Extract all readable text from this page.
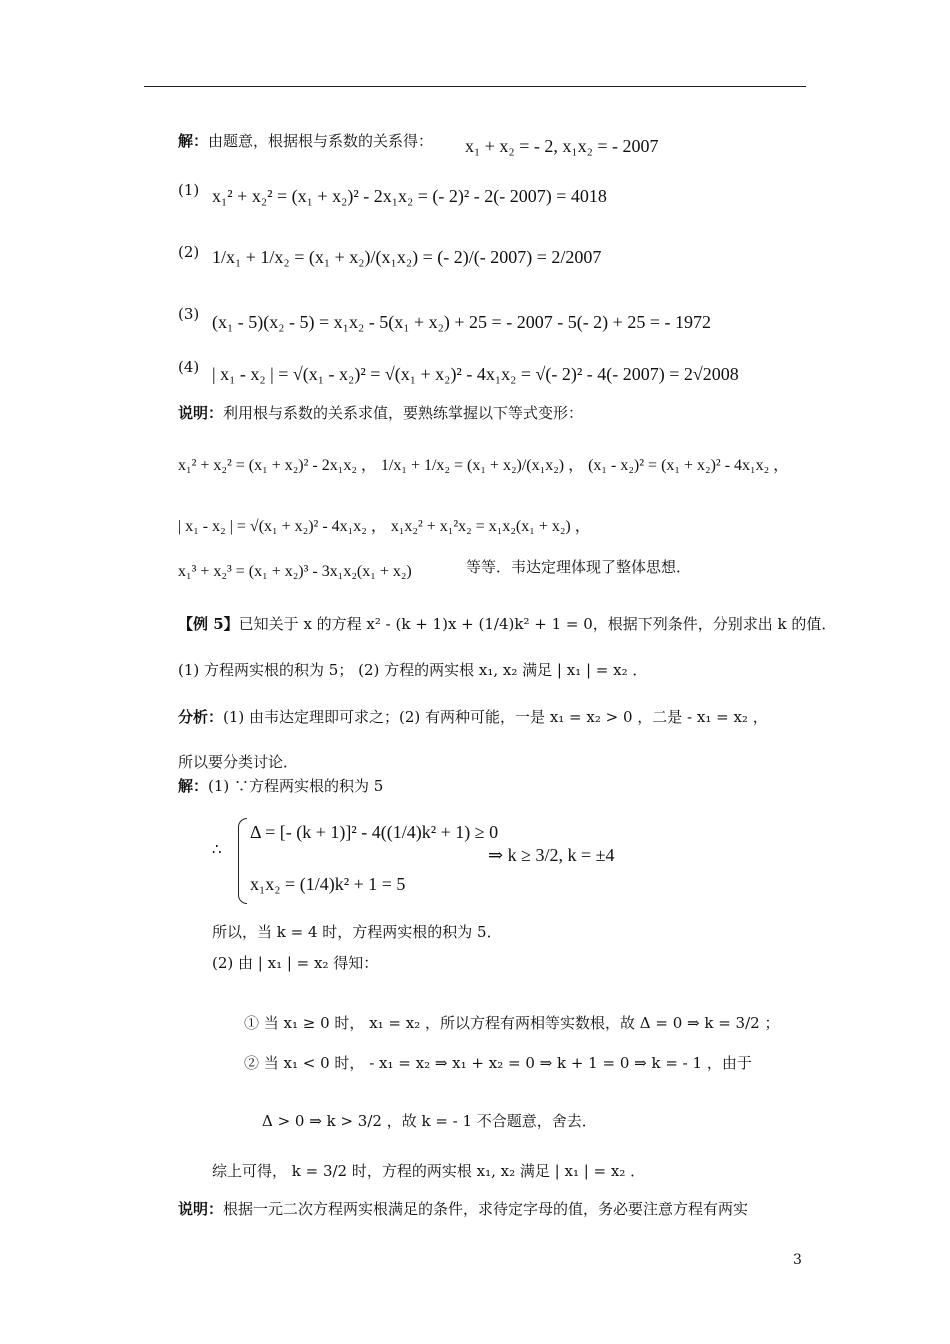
解：由题意，根据根与系数的关系得： x₁ + x₂ = - 2, x₁x₂ = - 2007
(1) x₁² + x₂² = (x₁ + x₂)² - 2x₁x₂ = (- 2)² - 2(- 2007) = 4018
(2) 1/x₁ + 1/x₂ = (x₁ + x₂)/(x₁x₂) = (- 2)/(- 2007) = 2/2007
(3) (x₁ - 5)(x₂ - 5) = x₁x₂ - 5(x₁ + x₂) + 25 = - 2007 - 5(- 2) + 25 = - 1972
(4) | x₁ - x₂ | = √(x₁ - x₂)² = √(x₁ + x₂)² - 4x₁x₂ = √(- 2)² - 4(- 2007) = 2√2008
说明：利用根与系数的关系求值，要熟练掌握以下等式变形：
x₁² + x₂² = (x₁ + x₂)² - 2x₁x₂ ， 1/x₁ + 1/x₂ = (x₁ + x₂)/(x₁x₂) ， (x₁ - x₂)² = (x₁ + x₂)² - 4x₁x₂ ，
| x₁ - x₂ | = √(x₁ + x₂)² - 4x₁x₂ ， x₁x₂² + x₁²x₂ = x₁x₂(x₁ + x₂) ，
x₁³ + x₂³ = (x₁ + x₂)³ - 3x₁x₂(x₁ + x₂)	等等．韦达定理体现了整体思想．
【例 5】已知关于 x 的方程 x² - (k + 1)x + (1/4)k² + 1 = 0，根据下列条件，分别求出 k 的值．
(1) 方程两实根的积为 5； (2) 方程的两实根 x₁, x₂ 满足 | x₁ | = x₂ ．
分析：(1) 由韦达定理即可求之；(2) 有两种可能，一是 x₁ = x₂ > 0 ，二是 - x₁ = x₂ ，
所以要分类讨论．
解：(1) ∵方程两实根的积为 5
∴
Δ = [- (k + 1)]² - 4((1/4)k² + 1) ≥ 0
x₁x₂ = (1/4)k² + 1 = 5
⇒ k ≥ 3/2, k = ±4
所以，当 k = 4 时，方程两实根的积为 5．
(2) 由 | x₁ | = x₂ 得知：
① 当 x₁ ≥ 0 时， x₁ = x₂ ，所以方程有两相等实数根，故 Δ = 0 ⇒ k = 3/2 ；
② 当 x₁ < 0 时， - x₁ = x₂ ⇒ x₁ + x₂ = 0 ⇒ k + 1 = 0 ⇒ k = - 1 ，由于
Δ > 0 ⇒ k > 3/2 ，故 k = - 1 不合题意，舍去．
综上可得， k = 3/2 时，方程的两实根 x₁, x₂ 满足 | x₁ | = x₂ ．
说明：根据一元二次方程两实根满足的条件，求待定字母的值，务必要注意方程有两实
3
